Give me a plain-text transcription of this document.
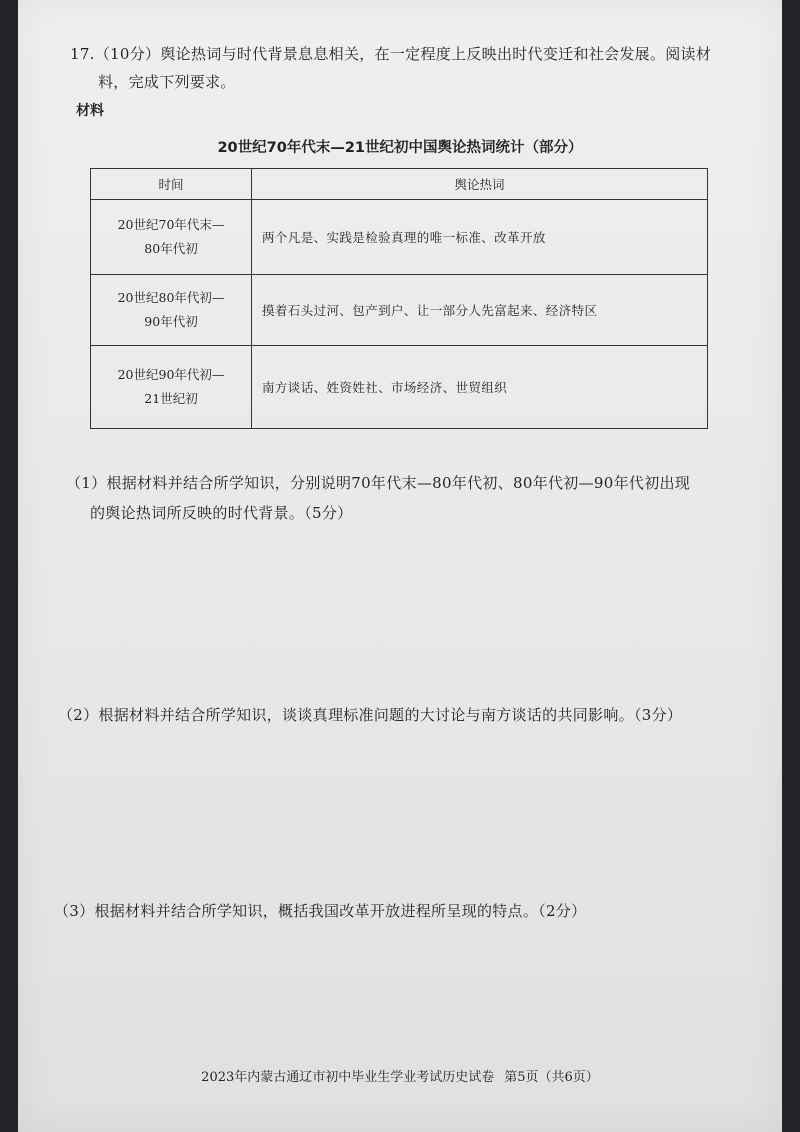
17.（10分）舆论热词与时代背景息息相关，在一定程度上反映出时代变迁和社会发展。阅读材
料，完成下列要求。
材料
20世纪70年代末—21世纪初中国舆论热词统计（部分）
时间	舆论热词

20世纪70年代末—
80年代初	两个凡是、实践是检验真理的唯一标准、改革开放

20世纪80年代初—
90年代初	摸着石头过河、包产到户、让一部分人先富起来、经济特区

20世纪90年代初—
21世纪初	南方谈话、姓资姓社、市场经济、世贸组织
（1）根据材料并结合所学知识，分别说明70年代末—80年代初、80年代初—90年代初出现
的舆论热词所反映的时代背景。（5分）
（2）根据材料并结合所学知识，谈谈真理标准问题的大讨论与南方谈话的共同影响。（3分）
（3）根据材料并结合所学知识，概括我国改革开放进程所呈现的特点。（2分）
2023年内蒙古通辽市初中毕业生学业考试历史试卷 第5页（共6页）
